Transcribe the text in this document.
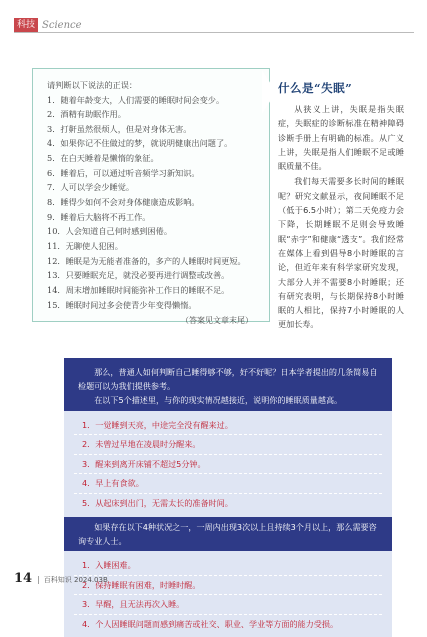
科技 Science
请判断以下说法的正误：
1．随着年龄变大，人们需要的睡眠时间会变少。
2．酒精有助眠作用。
3．打鼾虽然很烦人，但是对身体无害。
4．如果你记不住做过的梦，就说明健康出问题了。
5．在白天睡着是懒惰的象征。
6．睡着后，可以通过听音频学习新知识。
7．人可以学会少睡觉。
8．睡得少如何不会对身体健康造成影响。
9．睡着后大脑将不再工作。
10．人会知道自己何时感到困倦。
11．无聊使人犯困。
12．睡眠是为无能者准备的，多产的人睡眠时间更短。
13．只要睡眠充足，就没必要再进行调整或改善。
14．周末增加睡眠时间能弥补工作日的睡眠不足。
15．睡眠时间过多会使青少年变得懒惰。
（答案见文章末尾）
什么是“失眠”

从狭义上讲，失眠是指失眠症，失眠症的诊断标准在精神障碍诊断手册上有明确的标准。从广义上讲，失眠是指人们睡眠不足或睡眠质量不佳。

我们每天需要多长时间的睡眠呢？研究文献显示，夜间睡眠不足（低于6.5小时）；第二天免疫力会下降，长期睡眠不足则会导致睡眠“赤字”和健康“透支”。我们经常在媒体上看到倡导8小时睡眠的言论，但近年来有科学家研究发现，大部分人并不需要8小时睡眠；还有研究表明，与长期保持8小时睡眠的人相比，保持7小时睡眠的人更加长寿。

那么，普通人如何判断自己睡得够不够，好不好呢？日本学者提出的几条简易自检题可以为我们提供参考。

在以下5个描述里，与你的现实情况越接近，说明你的睡眠质量越高。

1．一觉睡到天亮，中途完全没有醒来过。
2．未曾过早地在凌晨时分醒来。
3．醒来到离开床铺不超过5分钟。
4．早上有食欲。
5．从起床到出门，无需太长的准备时间。

如果存在以下4种状况之一，一周内出现3次以上且持续3个月以上，那么需要咨询专业人士。

1．入睡困难。
2．保持睡眠有困难，时睡时醒。
3．早醒，且无法再次入睡。
4．个人因睡眠问题而感到痛苦或社交、职业、学业等方面的能力受损。
14 | 百科知识 2024.03B
